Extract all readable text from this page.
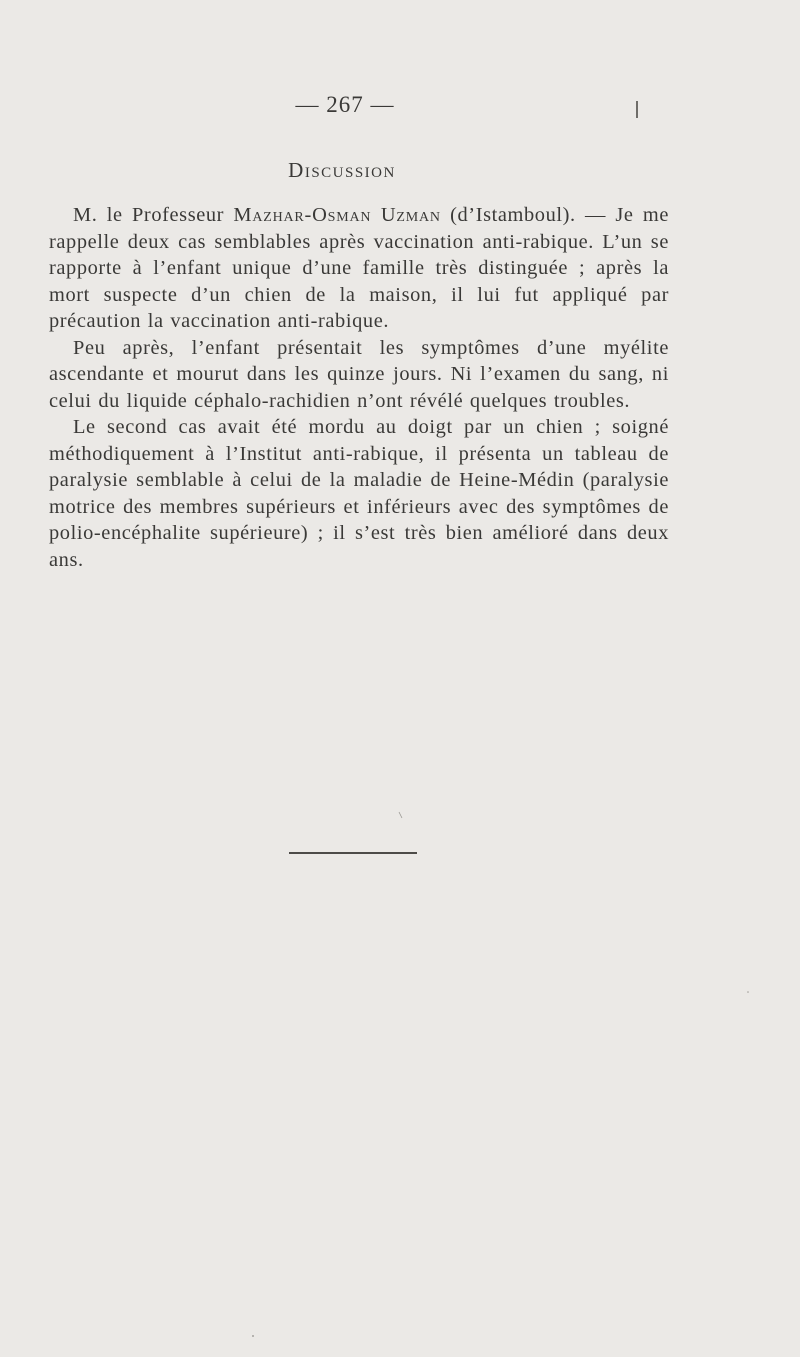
— 267 —
Discussion

M. le Professeur Mazhar-Osman Uzman (d’Istamboul). — Je me rappelle deux cas semblables après vaccination anti-rabique. L’un se rapporte à l’enfant unique d’une famille très distinguée ; après la mort suspecte d’un chien de la maison, il lui fut appliqué par précaution la vaccination anti-rabique.

Peu après, l’enfant présentait les symptômes d’une myélite ascendante et mourut dans les quinze jours. Ni l’examen du sang, ni celui du liquide céphalo-rachidien n’ont révélé quelques troubles.

Le second cas avait été mordu au doigt par un chien ; soigné méthodiquement à l’Institut anti-rabique, il présenta un tableau de paralysie semblable à celui de la maladie de Heine-Médin (paralysie motrice des membres supérieurs et inférieurs avec des symptômes de polio-encéphalite supérieure) ; il s’est très bien amélioré dans deux ans.
